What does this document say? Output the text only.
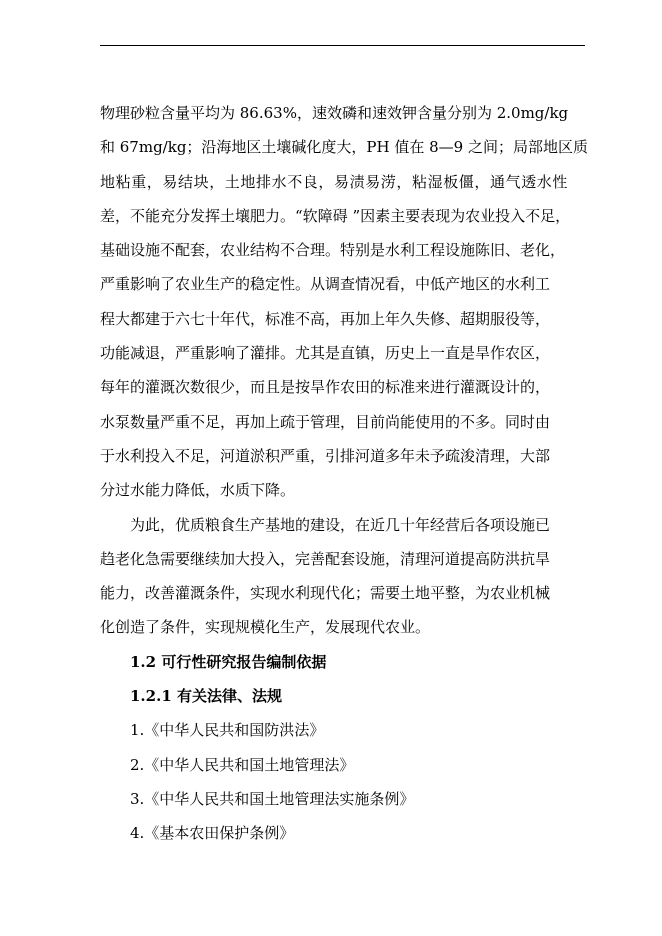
物理砂粒含量平均为 86.63%，速效磷和速效钾含量分别为 2.0mg/kg
和 67mg/kg；沿海地区土壤碱化度大，PH 值在 8—9 之间；局部地区质
地粘重，易结块，土地排水不良，易渍易涝，粘湿板僵，通气透水性
差，不能充分发挥土壤肥力。“软障碍 ”因素主要表现为农业投入不足，
基础设施不配套，农业结构不合理。特别是水利工程设施陈旧、老化，
严重影响了农业生产的稳定性。从调查情况看，中低产地区的水利工
程大都建于六七十年代，标准不高，再加上年久失修、超期服役等，
功能减退，严重影响了灌排。尤其是直镇，历史上一直是旱作农区，
每年的灌溉次数很少，而且是按旱作农田的标准来进行灌溉设计的，
水泵数量严重不足，再加上疏于管理，目前尚能使用的不多。同时由
于水利投入不足，河道淤积严重，引排河道多年未予疏浚清理，大部
分过水能力降低，水质下降。
为此，优质粮食生产基地的建设，在近几十年经营后各项设施已
趋老化急需要继续加大投入，完善配套设施，清理河道提高防洪抗旱
能力，改善灌溉条件，实现水利现代化；需要土地平整，为农业机械
化创造了条件，实现规模化生产，发展现代农业。
1.2 可行性研究报告编制依据
1.2.1 有关法律、法规
1.《中华人民共和国防洪法》
2.《中华人民共和国土地管理法》
3.《中华人民共和国土地管理法实施条例》
4.《基本农田保护条例》
